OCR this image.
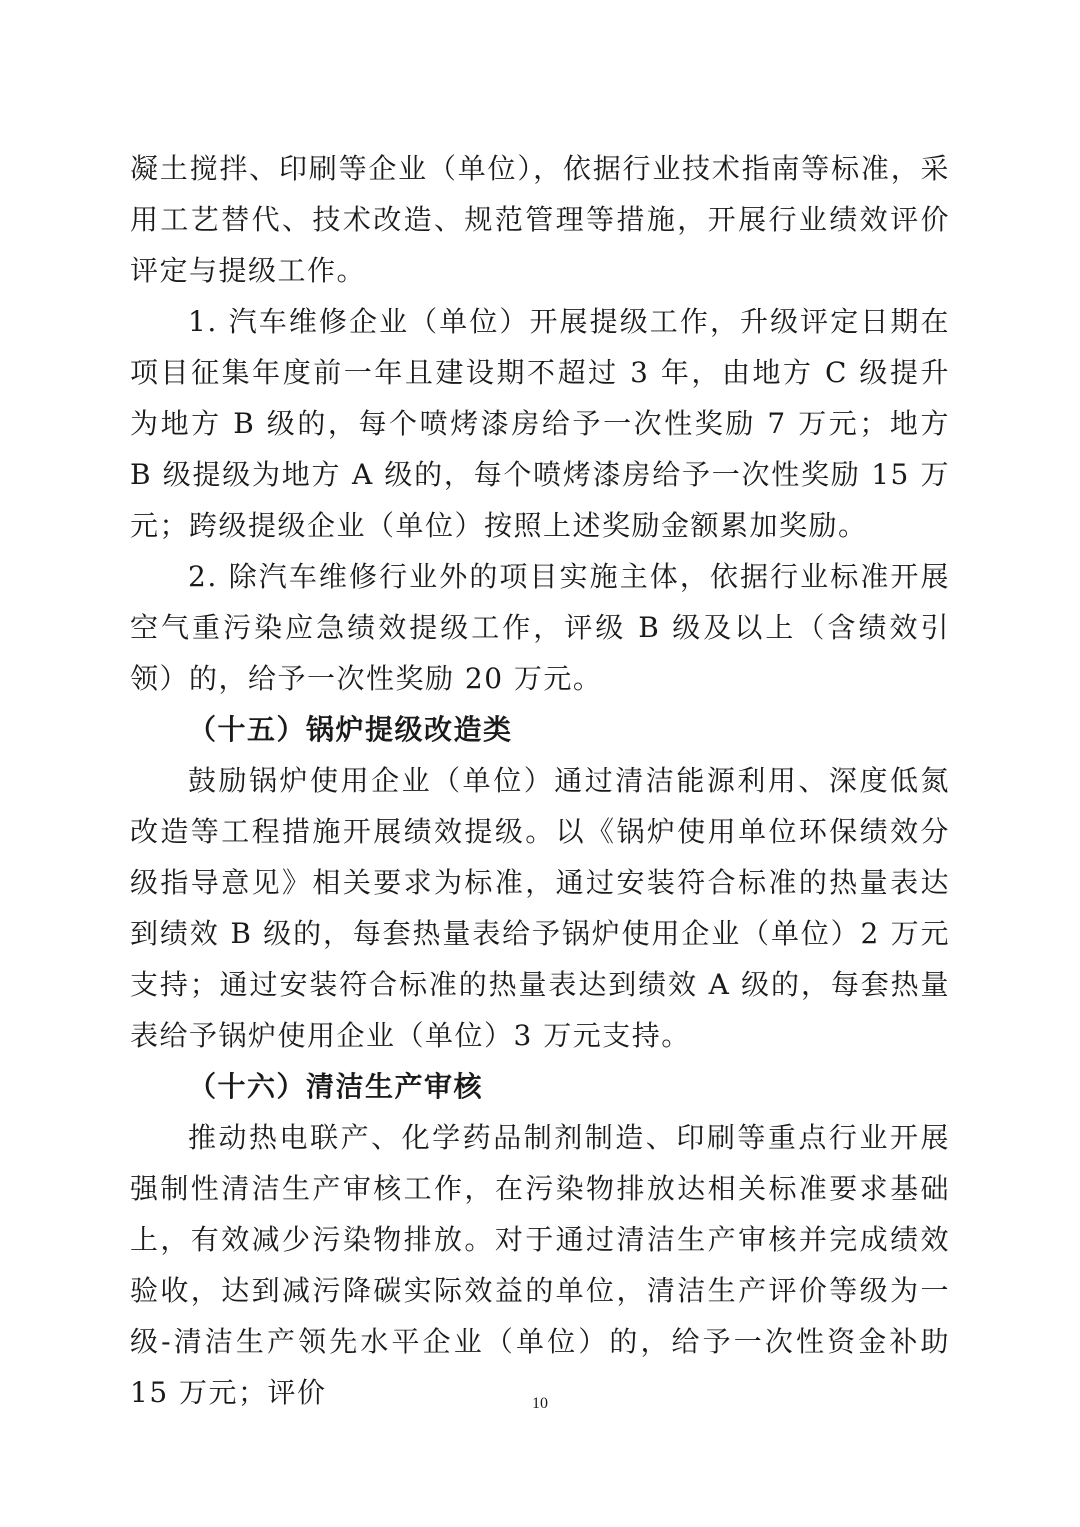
凝土搅拌、印刷等企业（单位），依据行业技术指南等标准，采用工艺替代、技术改造、规范管理等措施，开展行业绩效评价评定与提级工作。

1. 汽车维修企业（单位）开展提级工作，升级评定日期在项目征集年度前一年且建设期不超过 3 年，由地方 C 级提升为地方 B 级的，每个喷烤漆房给予一次性奖励 7 万元；地方 B 级提级为地方 A 级的，每个喷烤漆房给予一次性奖励 15 万元；跨级提级企业（单位）按照上述奖励金额累加奖励。

2. 除汽车维修行业外的项目实施主体，依据行业标准开展空气重污染应急绩效提级工作，评级 B 级及以上（含绩效引领）的，给予一次性奖励 20 万元。

（十五）锅炉提级改造类

鼓励锅炉使用企业（单位）通过清洁能源利用、深度低氮改造等工程措施开展绩效提级。以《锅炉使用单位环保绩效分级指导意见》相关要求为标准，通过安装符合标准的热量表达到绩效 B 级的，每套热量表给予锅炉使用企业（单位）2 万元支持；通过安装符合标准的热量表达到绩效 A 级的，每套热量表给予锅炉使用企业（单位）3 万元支持。

（十六）清洁生产审核

推动热电联产、化学药品制剂制造、印刷等重点行业开展强制性清洁生产审核工作，在污染物排放达相关标准要求基础上，有效减少污染物排放。对于通过清洁生产审核并完成绩效验收，达到减污降碳实际效益的单位，清洁生产评价等级为一级-清洁生产领先水平企业（单位）的，给予一次性资金补助 15 万元；评价	10
